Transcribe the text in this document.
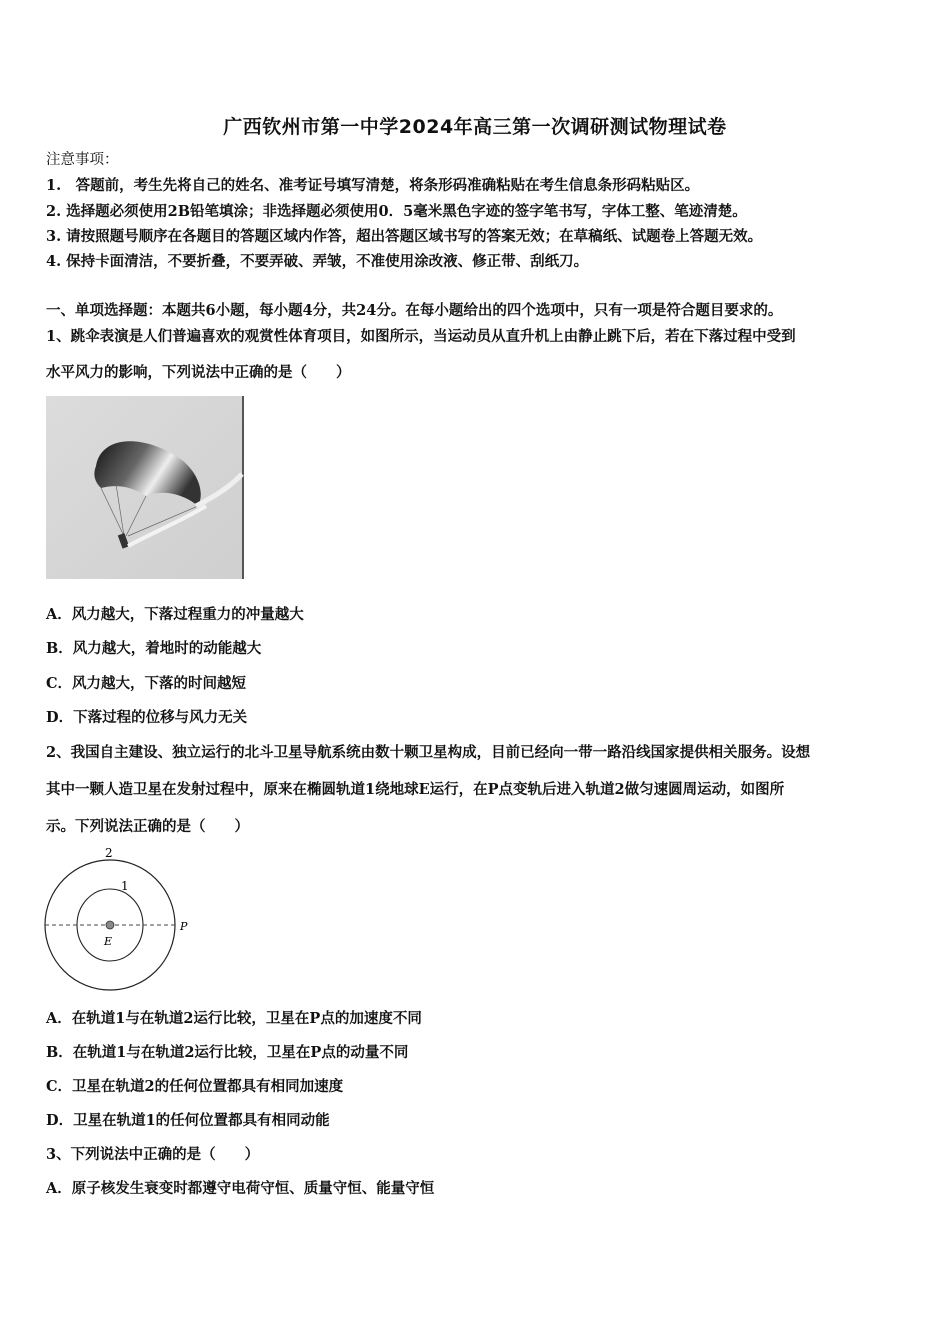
广西钦州市第一中学2024年高三第一次调研测试物理试卷
注意事项：
1.　答题前，考生先将自己的姓名、准考证号填写清楚，将条形码准确粘贴在考生信息条形码粘贴区。
2. 选择题必须使用2B铅笔填涂；非选择题必须使用0．5毫米黑色字迹的签字笔书写，字体工整、笔迹清楚。
3. 请按照题号顺序在各题目的答题区域内作答，超出答题区域书写的答案无效；在草稿纸、试题卷上答题无效。
4. 保持卡面清洁，不要折叠，不要弄破、弄皱，不准使用涂改液、修正带、刮纸刀。
一、单项选择题：本题共6小题，每小题4分，共24分。在每小题给出的四个选项中，只有一项是符合题目要求的。
1、跳伞表演是人们普遍喜欢的观赏性体育项目，如图所示，当运动员从直升机上由静止跳下后，若在下落过程中受到
水平风力的影响，下列说法中正确的是（　　）
A．风力越大，下落过程重力的冲量越大
B．风力越大，着地时的动能越大
C．风力越大，下落的时间越短
D．下落过程的位移与风力无关
2、我国自主建设、独立运行的北斗卫星导航系统由数十颗卫星构成，目前已经向一带一路沿线国家提供相关服务。设想
其中一颗人造卫星在发射过程中，原来在椭圆轨道1绕地球E运行，在P点变轨后进入轨道2做匀速圆周运动，如图所
示。下列说法正确的是（　　）
2
1
E
P
A．在轨道1与在轨道2运行比较，卫星在P点的加速度不同
B．在轨道1与在轨道2运行比较，卫星在P点的动量不同
C．卫星在轨道2的任何位置都具有相同加速度
D．卫星在轨道1的任何位置都具有相同动能
3、下列说法中正确的是（　　）
A．原子核发生衰变时都遵守电荷守恒、质量守恒、能量守恒
